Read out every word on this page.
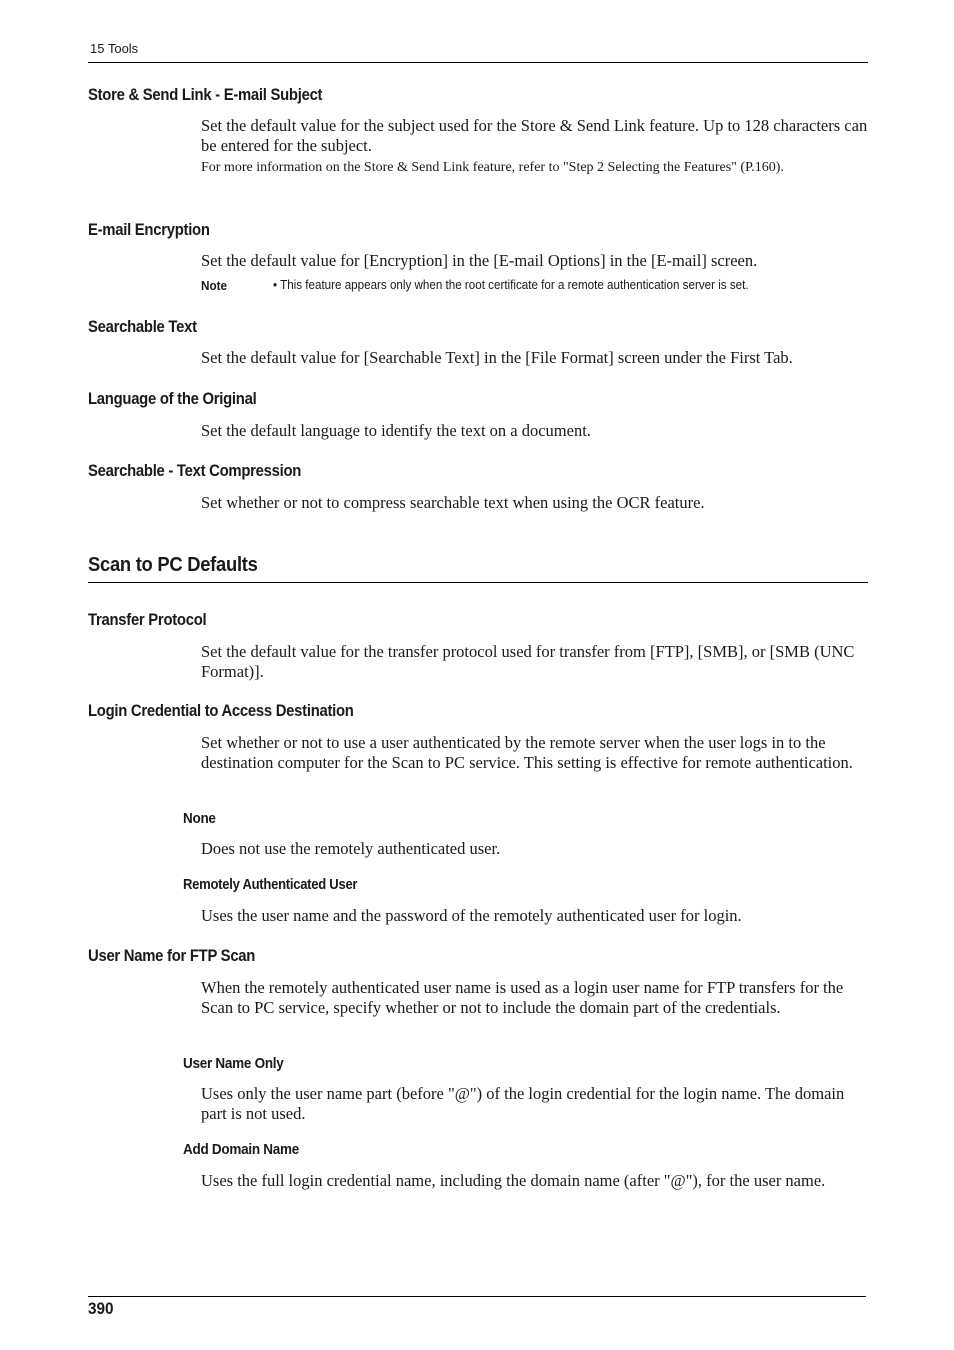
15 Tools
Store & Send Link - E-mail Subject
Set the default value for the subject used for the Store & Send Link feature. Up to 128 characters can be entered for the subject.
For more information on the Store & Send Link feature, refer to "Step 2 Selecting the Features" (P.160).
E-mail Encryption
Set the default value for [Encryption] in the [E-mail Options] in the [E-mail] screen.
Note	• This feature appears only when the root certificate for a remote authentication server is set.
Searchable Text
Set the default value for [Searchable Text] in the [File Format] screen under the First Tab.
Language of the Original
Set the default language to identify the text on a document.
Searchable - Text Compression
Set whether or not to compress searchable text when using the OCR feature.
Scan to PC Defaults
Transfer Protocol
Set the default value for the transfer protocol used for transfer from [FTP], [SMB], or [SMB (UNC Format)].
Login Credential to Access Destination
Set whether or not to use a user authenticated by the remote server when the user logs in to the destination computer for the Scan to PC service. This setting is effective for remote authentication.
None
Does not use the remotely authenticated user.
Remotely Authenticated User
Uses the user name and the password of the remotely authenticated user for login.
User Name for FTP Scan
When the remotely authenticated user name is used as a login user name for FTP transfers for the Scan to PC service, specify whether or not to include the domain part of the credentials.
User Name Only
Uses only the user name part (before "@") of the login credential for the login name. The domain part is not used.
Add Domain Name
Uses the full login credential name, including the domain name (after "@"), for the user name.
390
